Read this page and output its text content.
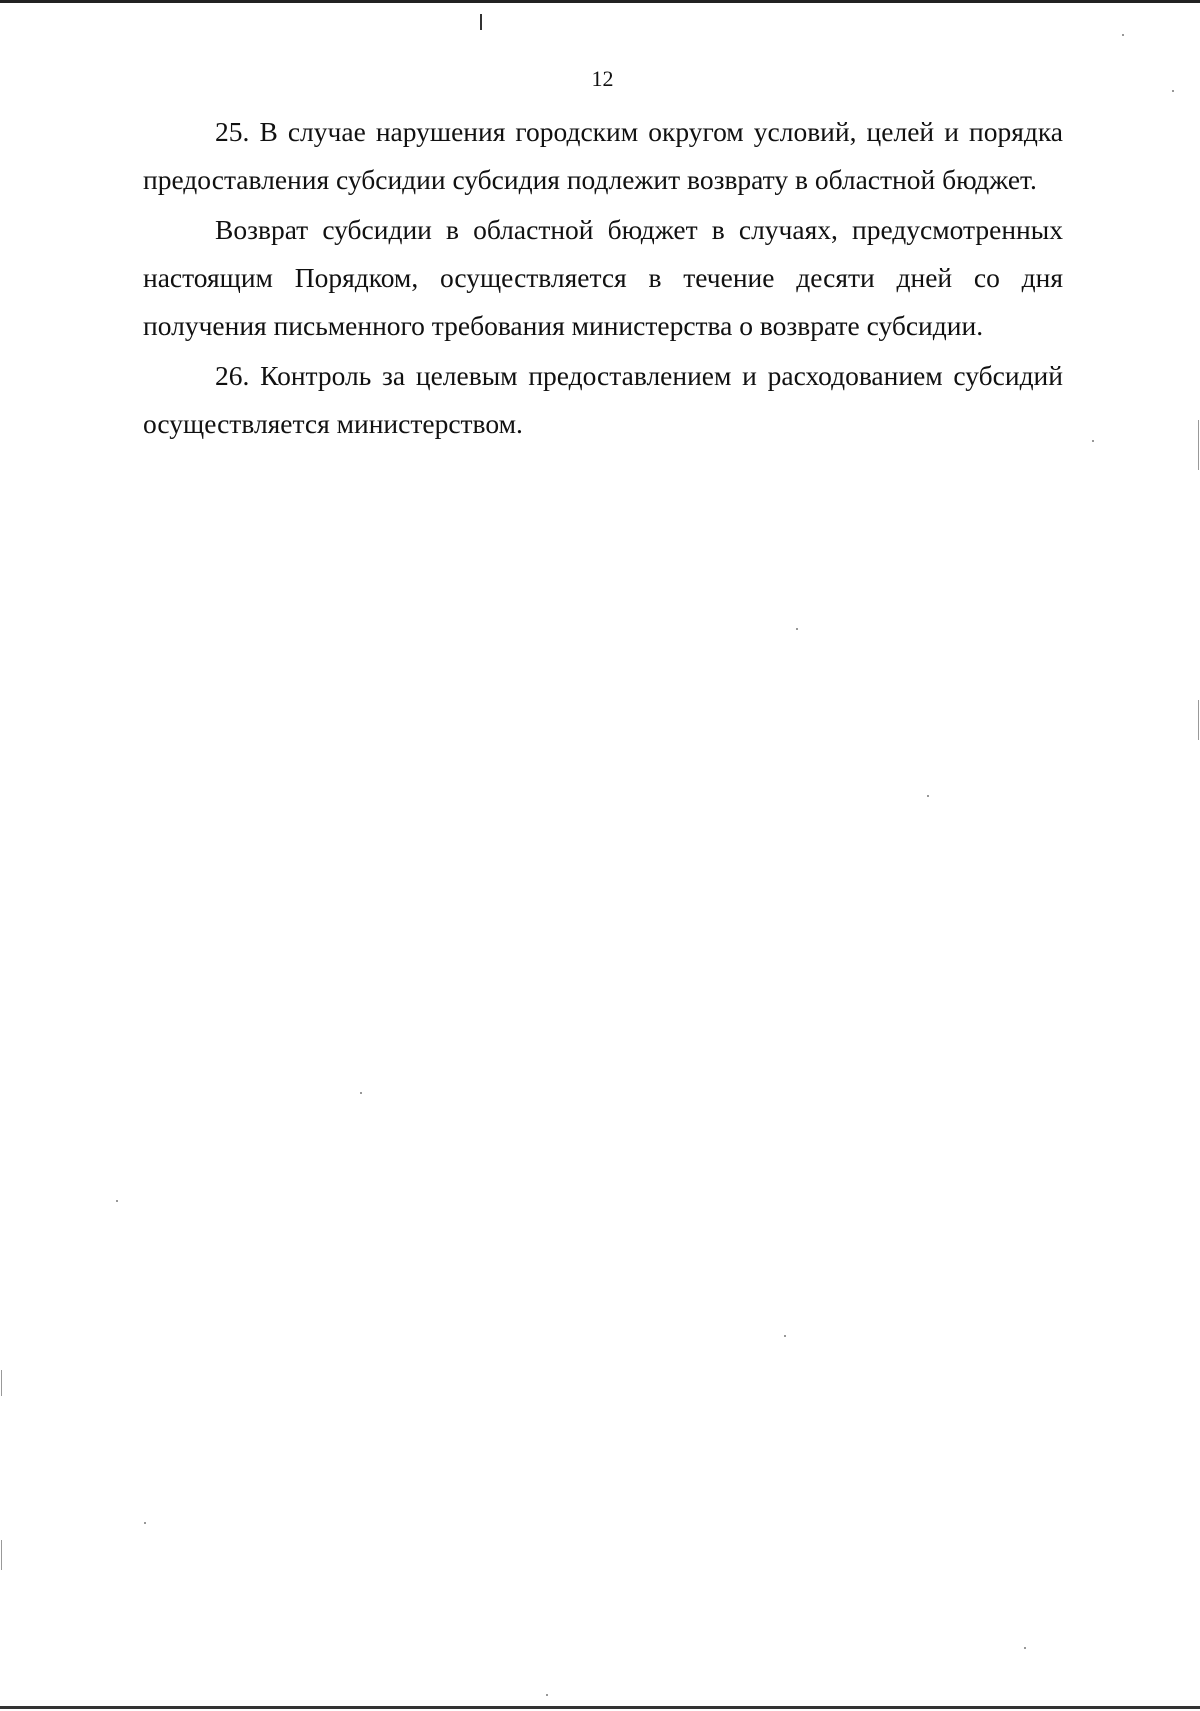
12

25. В случае нарушения городским округом условий, целей и порядка предоставления субсидии субсидия подлежит возврату в областной бюджет.

Возврат субсидии в областной бюджет в случаях, предусмотренных настоящим Порядком, осуществляется в течение десяти дней со дня получения письменного требования министерства о возврате субсидии.

26. Контроль за целевым предоставлением и расходованием субсидий осуществляется министерством.
